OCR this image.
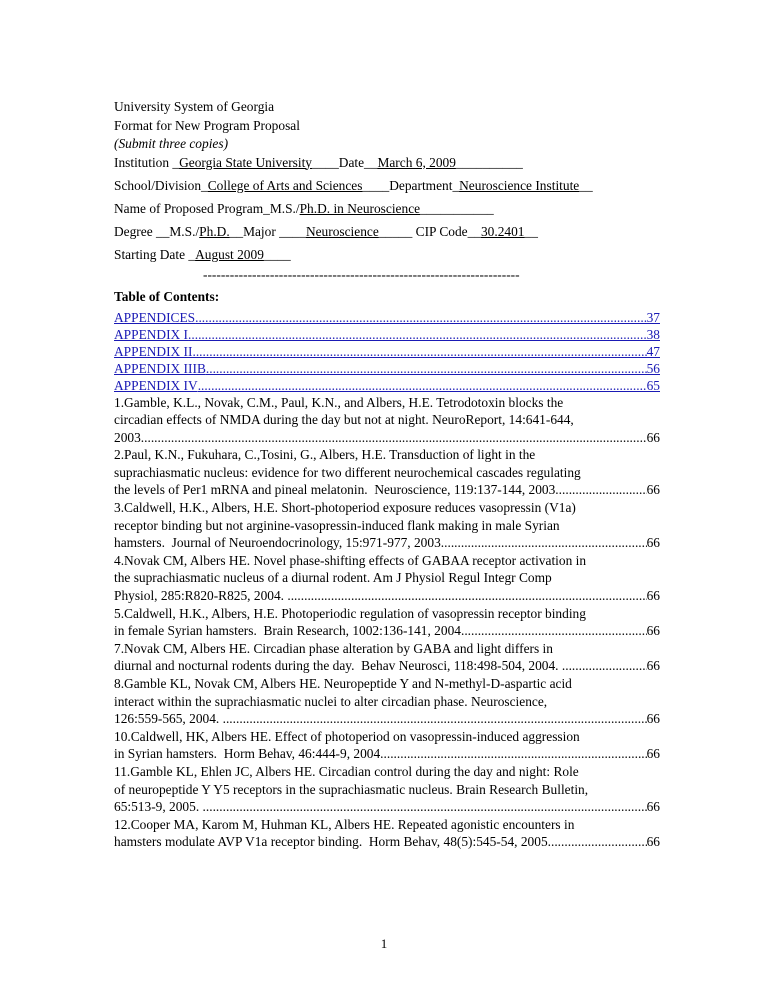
University System of Georgia
Format for New Program Proposal
(Submit three copies)
Institution _Georgia State University____Date__March 6, 2009__________
School/Division_College of Arts and Sciences____Department_Neuroscience Institute__
Name of Proposed Program_M.S./Ph.D. in Neuroscience___________
Degree __M.S./Ph.D.__Major ____Neuroscience_____ CIP Code__30.2401__
Starting Date _August 2009____
-----------------------------------------------------------------------
Table of Contents:
APPENDICES .....	37
APPENDIX I .....	38
APPENDIX II .....	47
APPENDIX IIIB .....	56
APPENDIX IV .....	65
1.Gamble, K.L., Novak, C.M., Paul, K.N., and Albers, H.E. Tetrodotoxin blocks the
circadian effects of NMDA during the day but not at night. NeuroReport, 14:641-644,
2003. .....	66
2.Paul, K.N., Fukuhara, C.,Tosini, G., Albers, H.E. Transduction of light in the
suprachiasmatic nucleus: evidence for two different neurochemical cascades regulating
the levels of Per1 mRNA and pineal melatonin.  Neuroscience, 119:137-144, 2003. .....	66
3.Caldwell, H.K., Albers, H.E. Short-photoperiod exposure reduces vasopressin (V1a)
receptor binding but not arginine-vasopressin-induced flank making in male Syrian
hamsters.  Journal of Neuroendocrinology, 15:971-977, 2003. .....	66
4.Novak CM, Albers HE. Novel phase-shifting effects of GABAA receptor activation in
the suprachiasmatic nucleus of a diurnal rodent. Am J Physiol Regul Integr Comp
Physiol, 285:R820-R825, 2004. .....	66
5.Caldwell, H.K., Albers, H.E. Photoperiodic regulation of vasopressin receptor binding
in female Syrian hamsters.  Brain Research, 1002:136-141, 2004. .....	66
7.Novak CM, Albers HE. Circadian phase alteration by GABA and light differs in
diurnal and nocturnal rodents during the day.  Behav Neurosci, 118:498-504, 2004. .....	66
8.Gamble KL, Novak CM, Albers HE. Neuropeptide Y and N-methyl-D-aspartic acid
interact within the suprachiasmatic nuclei to alter circadian phase. Neuroscience,
126:559-565, 2004. .....	66
10.Caldwell, HK, Albers HE. Effect of photoperiod on vasopressin-induced aggression
in Syrian hamsters.  Horm Behav, 46:444-9, 2004. .....	66
11.Gamble KL, Ehlen JC, Albers HE. Circadian control during the day and night: Role
of neuropeptide Y Y5 receptors in the suprachiasmatic nucleus. Brain Research Bulletin,
65:513-9, 2005. .....	66
12.Cooper MA, Karom M, Huhman KL, Albers HE. Repeated agonistic encounters in
hamsters modulate AVP V1a receptor binding.  Horm Behav, 48(5):545-54, 2005. .....	66
1
